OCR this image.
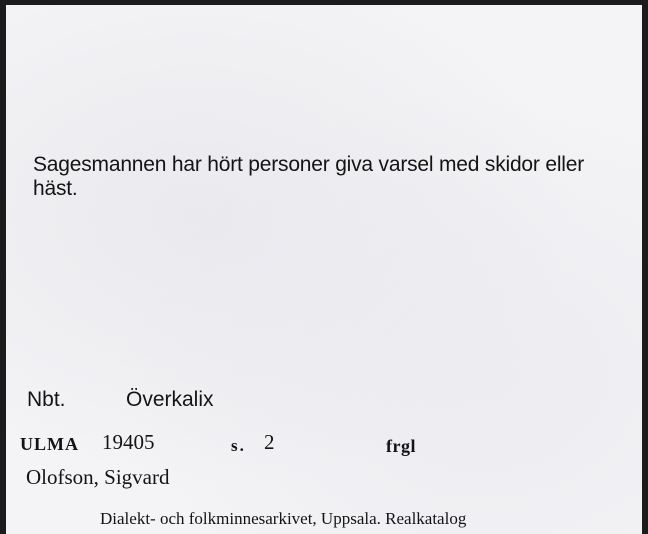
Sagesmannen har hört personer giva varsel med skidor eller häst.
Nbt.	Överkalix
ULMA 19405	s. 2	frgl
Olofson, Sigvard
Dialekt- och folkminnesarkivet, Uppsala. Realkatalog
